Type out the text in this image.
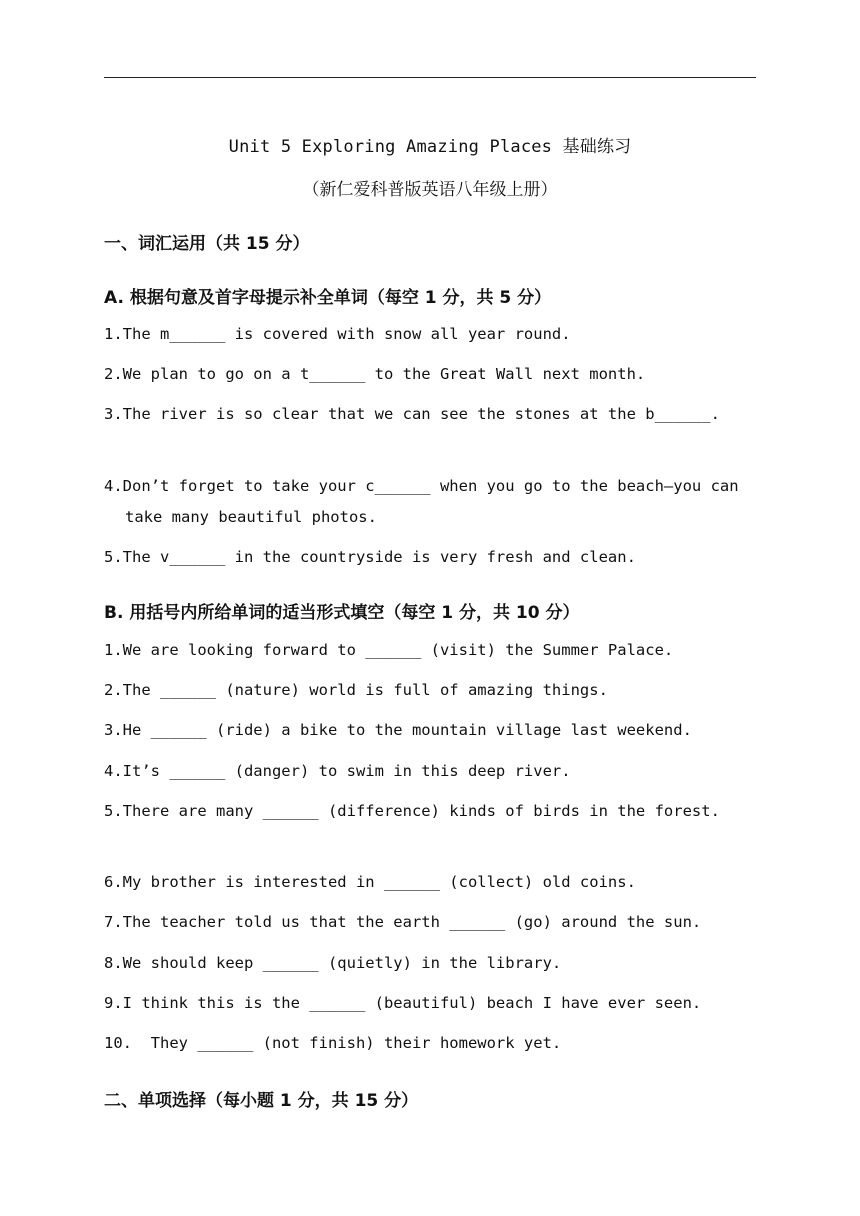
Unit 5 Exploring Amazing Places 基础练习
（新仁爱科普版英语八年级上册）
一、词汇运用（共 15 分）
A. 根据句意及首字母提示补全单词（每空 1 分，共 5 分）
1.The m______ is covered with snow all year round.
2.We plan to go on a t______ to the Great Wall next month.
3.The river is so clear that we can see the stones at the b______.
4.Don’t forget to take your c______ when you go to the beach—you can take many beautiful photos.
5.The v______ in the countryside is very fresh and clean.
B. 用括号内所给单词的适当形式填空（每空 1 分，共 10 分）
1.We are looking forward to ______ (visit) the Summer Palace.
2.The ______ (nature) world is full of amazing things.
3.He ______ (ride) a bike to the mountain village last weekend.
4.It’s ______ (danger) to swim in this deep river.
5.There are many ______ (difference) kinds of birds in the forest.
6.My brother is interested in ______ (collect) old coins.
7.The teacher told us that the earth ______ (go) around the sun.
8.We should keep ______ (quietly) in the library.
9.I think this is the ______ (beautiful) beach I have ever seen.
10.  They ______ (not finish) their homework yet.
二、单项选择（每小题 1 分，共 15 分）
